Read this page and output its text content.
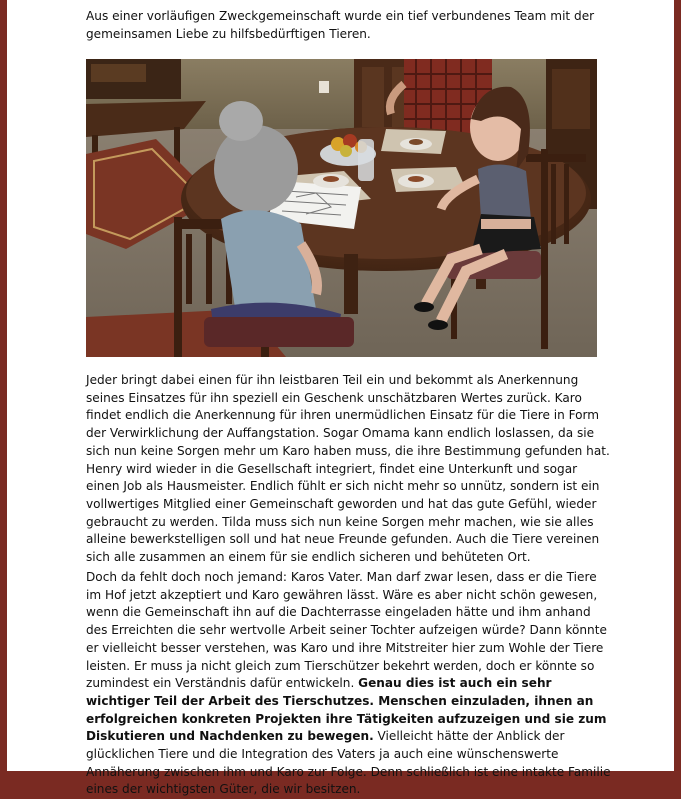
Aus einer vorläufigen Zweckgemeinschaft wurde ein tief verbundenes Team mit der gemeinsamen Liebe zu hilfsbedürftigen Tieren.

Jeder bringt dabei einen für ihn leistbaren Teil ein und bekommt als Anerkennung seines Einsatzes für ihn speziell ein Geschenk unschätzbaren Wertes zurück. Karo findet endlich die Anerkennung für ihren unermüdlichen Einsatz für die Tiere in Form der Verwirklichung der Auffangstation. Sogar Omama kann endlich loslassen, da sie sich nun keine Sorgen mehr um Karo haben muss, die ihre Bestimmung gefunden hat. Henry wird wieder in die Gesellschaft integriert, findet eine Unterkunft und sogar einen Job als Hausmeister. Endlich fühlt er sich nicht mehr so unnütz, sondern ist ein vollwertiges Mitglied einer Gemeinschaft geworden und hat das gute Gefühl, wieder gebraucht zu werden. Tilda muss sich nun keine Sorgen mehr machen, wie sie alles alleine bewerkstelligen soll und hat neue Freunde gefunden. Auch die Tiere vereinen sich alle zusammen an einem für sie endlich sicheren und behüteten Ort.

Doch da fehlt doch noch jemand: Karos Vater. Man darf zwar lesen, dass er die Tiere im Hof jetzt akzeptiert und Karo gewähren lässt. Wäre es aber nicht schön gewesen, wenn die Gemeinschaft ihn auf die Dachterrasse eingeladen hätte und ihm anhand des Erreichten die sehr wertvolle Arbeit seiner Tochter aufzeigen würde? Dann könnte er vielleicht besser verstehen, was Karo und ihre Mitstreiter hier zum Wohle der Tiere leisten. Er muss ja nicht gleich zum Tierschützer bekehrt werden, doch er könnte so zumindest ein Verständnis dafür entwickeln. Genau dies ist auch ein sehr wichtiger Teil der Arbeit des Tierschutzes. Menschen einzuladen, ihnen an erfolgreichen konkreten Projekten ihre Tätigkeiten aufzuzeigen und sie zum Diskutieren und Nachdenken zu bewegen. Vielleicht hätte der Anblick der glücklichen Tiere und die Integration des Vaters ja auch eine wünschenswerte Annäherung zwischen ihm und Karo zur Folge. Denn schließlich ist eine intakte Familie eines der wichtigsten Güter, die wir besitzen.
